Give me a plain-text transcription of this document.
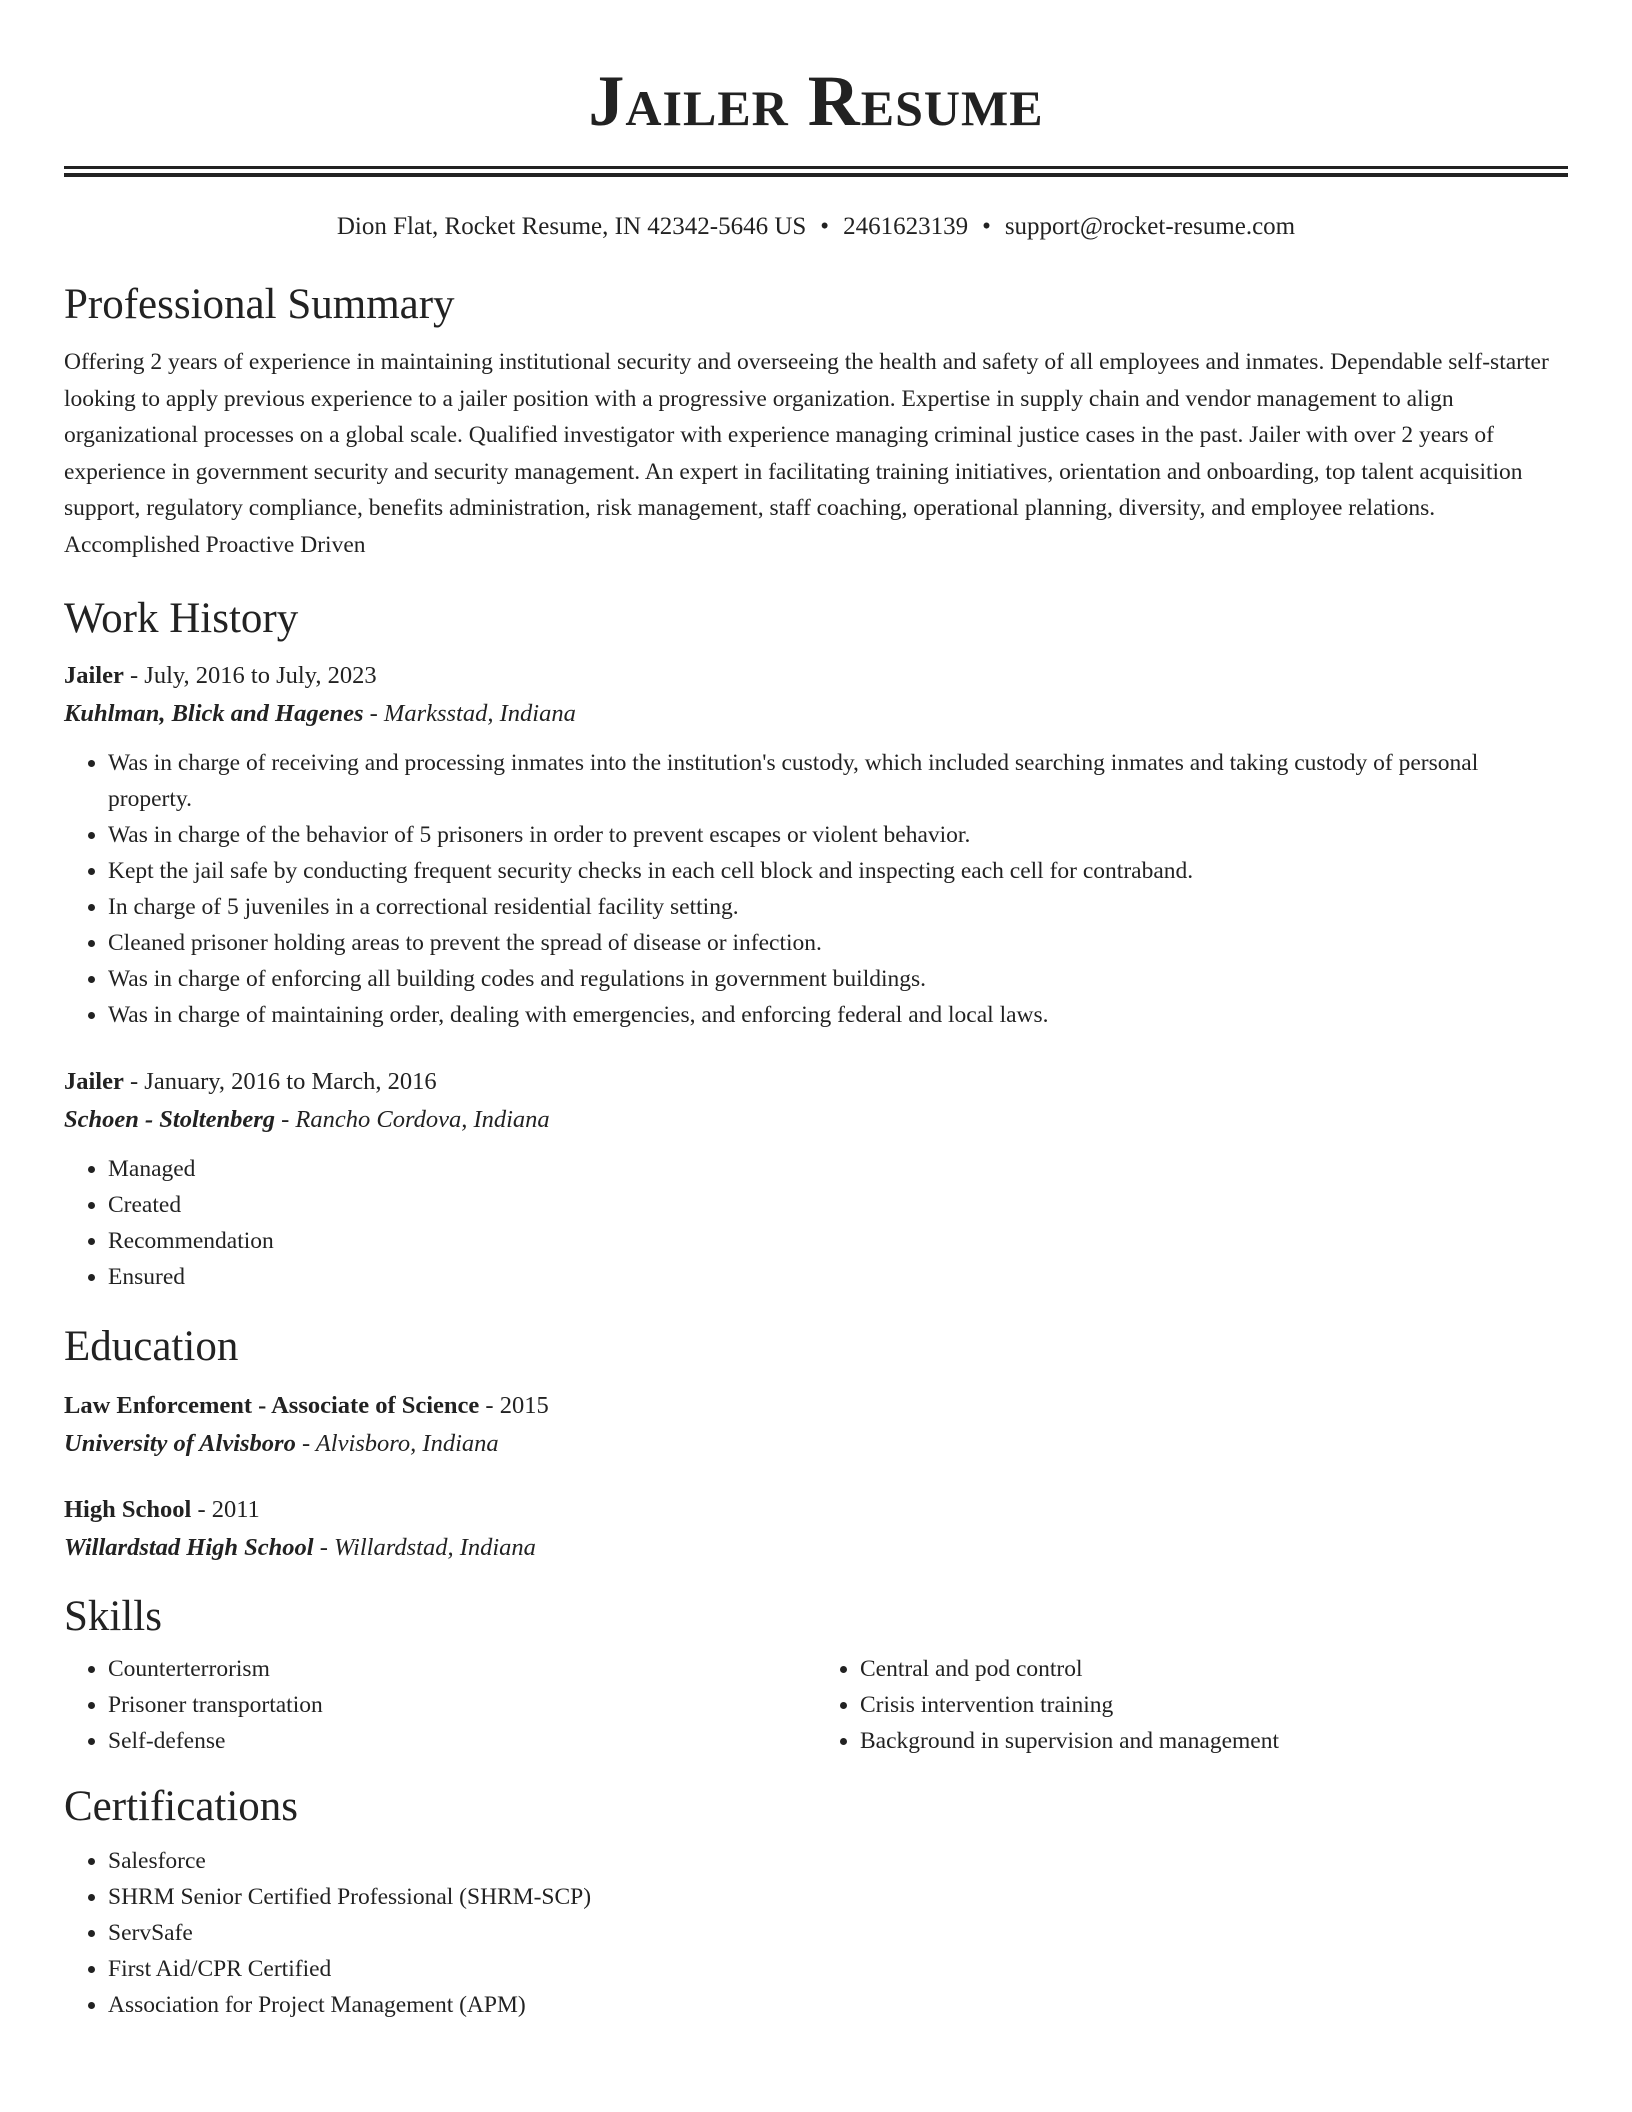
Jailer Resume
Dion Flat, Rocket Resume, IN 42342-5646 US • 2461623139 • support@rocket-resume.com
Professional Summary

Offering 2 years of experience in maintaining institutional security and overseeing the health and safety of all employees and inmates. Dependable self-starter looking to apply previous experience to a jailer position with a progressive organization. Expertise in supply chain and vendor management to align organizational processes on a global scale. Qualified investigator with experience managing criminal justice cases in the past. Jailer with over 2 years of experience in government security and security management. An expert in facilitating training initiatives, orientation and onboarding, top talent acquisition support, regulatory compliance, benefits administration, risk management, staff coaching, operational planning, diversity, and employee relations. Accomplished Proactive Driven

Work History
Jailer - July, 2016 to July, 2023
Kuhlman, Blick and Hagenes - Marksstad, Indiana
• Was in charge of receiving and processing inmates into the institution's custody, which included searching inmates and taking custody of personal property.
• Was in charge of the behavior of 5 prisoners in order to prevent escapes or violent behavior.
• Kept the jail safe by conducting frequent security checks in each cell block and inspecting each cell for contraband.
• In charge of 5 juveniles in a correctional residential facility setting.
• Cleaned prisoner holding areas to prevent the spread of disease or infection.
• Was in charge of enforcing all building codes and regulations in government buildings.
• Was in charge of maintaining order, dealing with emergencies, and enforcing federal and local laws.
Jailer - January, 2016 to March, 2016
Schoen - Stoltenberg - Rancho Cordova, Indiana
• Managed
• Created
• Recommendation
• Ensured
Education
Law Enforcement - Associate of Science - 2015
University of Alvisboro - Alvisboro, Indiana
High School - 2011
Willardstad High School - Willardstad, Indiana
Skills
• Counterterrorism
• Prisoner transportation
• Self-defense
• Central and pod control
• Crisis intervention training
• Background in supervision and management
Certifications
• Salesforce
• SHRM Senior Certified Professional (SHRM-SCP)
• ServSafe
• First Aid/CPR Certified
• Association for Project Management (APM)
